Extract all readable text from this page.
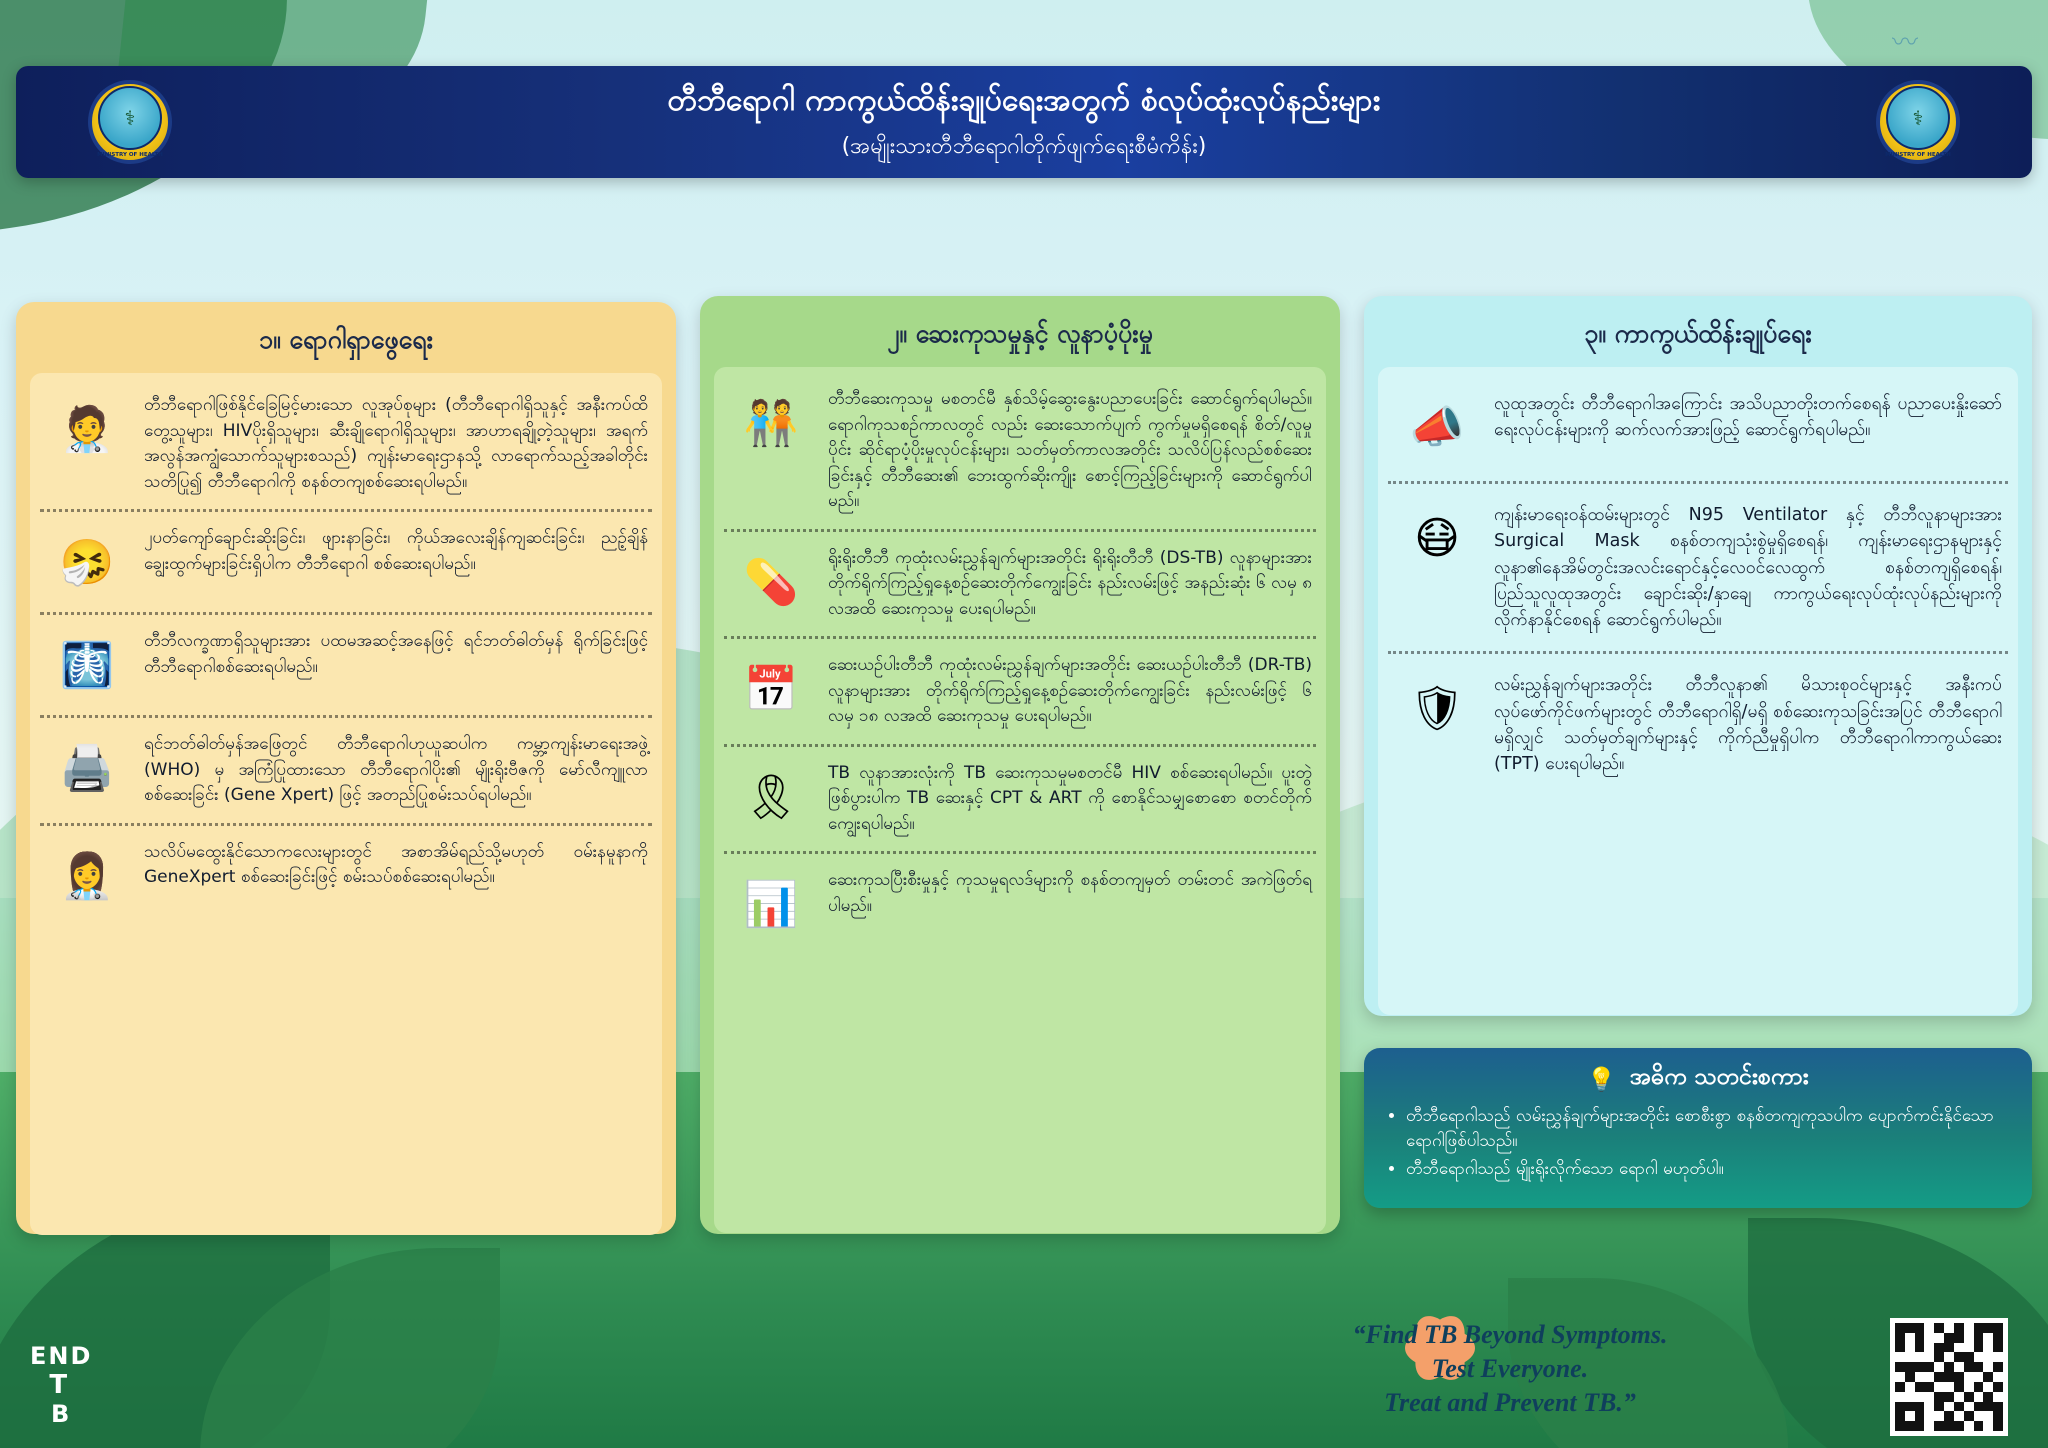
〰
⚕
MINISTRY OF HEALTH
တီဘီရောဂါ ကာကွယ်ထိန်းချုပ်ရေးအတွက် စံလုပ်ထုံးလုပ်နည်းများ
(အမျိုးသားတီဘီရောဂါတိုက်ဖျက်ရေးစီမံကိန်း)
⚕
MINISTRY OF HEALTH
၁။ ရောဂါရှာဖွေရေး
🧑‍⚕️	တီဘီရောဂါဖြစ်နိုင်ခြေမြင့်မားသော လူအုပ်စုများ (တီဘီရောဂါရှိသူနှင့် အနီးကပ်ထိတွေ့သူများ၊ HIVပိုးရှိသူများ၊ ဆီးချိုရောဂါရှိသူများ၊ အာဟာရချို့တဲ့သူများ၊ အရက်အလွန်အကျွံသောက်သူများစသည်) ကျန်းမာရေးဌာနသို့ လာရောက်သည့်အခါတိုင်း သတိပြု၍ တီဘီရောဂါကို စနစ်တကျစစ်ဆေးရပါမည်။
🤧	၂ပတ်ကျော်ချောင်းဆိုးခြင်း၊ ဖျားနာခြင်း၊ ကိုယ်အလေးချိန်ကျဆင်းခြင်း၊ ညဥ့်ချိန်ချွေးထွက်များခြင်းရှိပါက တီဘီရောဂါ စစ်ဆေးရပါမည်။
🩻	တီဘီလက္ခဏာရှိသူများအား ပထမအဆင့်အနေဖြင့် ရင်ဘတ်ဓါတ်မှန် ရိုက်ခြင်းဖြင့် တီဘီရောဂါစစ်ဆေးရပါမည်။
🖨️	ရင်ဘတ်ဓါတ်မှန်အဖြေတွင် တီဘီရောဂါဟုယူဆပါက ကမ္ဘာ့ကျန်းမာရေးအဖွဲ့ (WHO) မှ အကြံပြုထားသော တီဘီရောဂါပိုး၏ မျိုးရိုးဗီဇကို မော်လီကျူလာစစ်ဆေးခြင်း (Gene Xpert) ဖြင့် အတည်ပြုစမ်းသပ်ရပါမည်။
👩‍⚕️	သလိပ်မထွေးနိုင်သောကလေးများတွင် အစာအိမ်ရည်သို့မဟုတ် ဝမ်းနမူနာကို GeneXpert စစ်ဆေးခြင်းဖြင့် စမ်းသပ်စစ်ဆေးရပါမည်။
၂။ ဆေးကုသမှုနှင့် လူနာပံ့ပိုးမှု
🧑‍🤝‍🧑	တီဘီဆေးကုသမှု မစတင်မီ နှစ်သိမ့်ဆွေးနွေးပညာပေးခြင်း ဆောင်ရွက်ရပါမည်။ ရောဂါကုသစဉ်ကာလတွင် လည်း ဆေးသောက်ပျက် ကွက်မှုမရှိစေရန် စိတ်/လူမှုပိုင်း ဆိုင်ရာပံ့ပိုးမှုလုပ်ငန်းများ၊ သတ်မှတ်ကာလအတိုင်း သလိပ်ပြန်လည်စစ်ဆေးခြင်းနှင့် တီဘီဆေး၏ ဘေးထွက်ဆိုးကျိုး စောင့်ကြည့်ခြင်းများကို ဆောင်ရွက်ပါမည်။
💊	ရိုးရိုးတီဘီ ကုထုံးလမ်းညွှန်ချက်များအတိုင်း ရိုးရိုးတီဘီ (DS-TB) လူနာများအား တိုက်ရိုက်ကြည့်ရှုနေ့စဉ်ဆေးတိုက်ကျွေးခြင်း နည်းလမ်းဖြင့် အနည်းဆုံး ၆ လမှ ၈ လအထိ ဆေးကုသမှု ပေးရပါမည်။
📅	ဆေးယဉ်ပါးတီဘီ ကုထုံးလမ်းညွှန်ချက်များအတိုင်း ဆေးယဉ်ပါးတီဘီ (DR-TB) လူနာများအား တိုက်ရိုက်ကြည့်ရှုနေ့စဉ်ဆေးတိုက်ကျွေးခြင်း နည်းလမ်းဖြင့် ၆ လမှ ၁၈ လအထိ ဆေးကုသမှု ပေးရပါမည်။
🎗	TB လူနာအားလုံးကို TB ဆေးကုသမှုမစတင်မီ HIV စစ်ဆေးရပါမည်။ ပူးတွဲဖြစ်ပွားပါက TB ဆေးနှင့် CPT & ART ကို စောနိုင်သမျှစောစော စတင်တိုက်ကျွေးရပါမည်။
📊	ဆေးကုသပြီးစီးမှုနှင့် ကုသမှုရလဒ်များကို စနစ်တကျမှတ် တမ်းတင် အကဲဖြတ်ရပါမည်။
၃။ ကာကွယ်ထိန်းချုပ်ရေး
📣	လူထုအတွင်း တီဘီရောဂါအကြောင်း အသိပညာတိုးတက်စေရန် ပညာပေးနှိုးဆော်ရေးလုပ်ငန်းများကို ဆက်လက်အားဖြည့် ဆောင်ရွက်ရပါမည်။
😷	ကျန်းမာရေးဝန်ထမ်းများတွင် N95 Ventilator နှင့် တီဘီလူနာများအား Surgical Mask စနစ်တကျသုံးစွဲမှုရှိစေရန်၊ ကျန်းမာရေးဌာနများနှင့် လူနာ၏နေအိမ်တွင်းအလင်းရောင်နှင့်လေဝင်လေထွက် စနစ်တကျရှိစေရန်၊ ပြည်သူလူထုအတွင်း ချောင်းဆိုး/နှာချေ ကာကွယ်ရေးလုပ်ထုံးလုပ်နည်းများကို လိုက်နာနိုင်စေရန် ဆောင်ရွက်ပါမည်။
🛡	လမ်းညွှန်ချက်များအတိုင်း တီဘီလူနာ၏ မိသားစုဝင်များနှင့် အနီးကပ်လုပ်ဖော်ကိုင်ဖက်များတွင် တီဘီရောဂါရှိ/မရှိ စစ်ဆေးကုသခြင်းအပြင် တီဘီရောဂါမရှိလျှင် သတ်မှတ်ချက်များနှင့် ကိုက်ညီမှုရှိပါက တီဘီရောဂါကာကွယ်ဆေး (TPT) ပေးရပါမည်။
💡 အဓိက သတင်းစကား
• တီဘီရောဂါသည် လမ်းညွှန်ချက်များအတိုင်း စောစီးစွာ စနစ်တကျကုသပါက ပျောက်ကင်းနိုင်သောရောဂါဖြစ်ပါသည်။
• တီဘီရောဂါသည် မျိုးရိုးလိုက်သော ရောဂါ မဟုတ်ပါ။
“Find TB Beyond Symptoms.
Test Everyone.
Treat and Prevent TB.”
END
T
B
